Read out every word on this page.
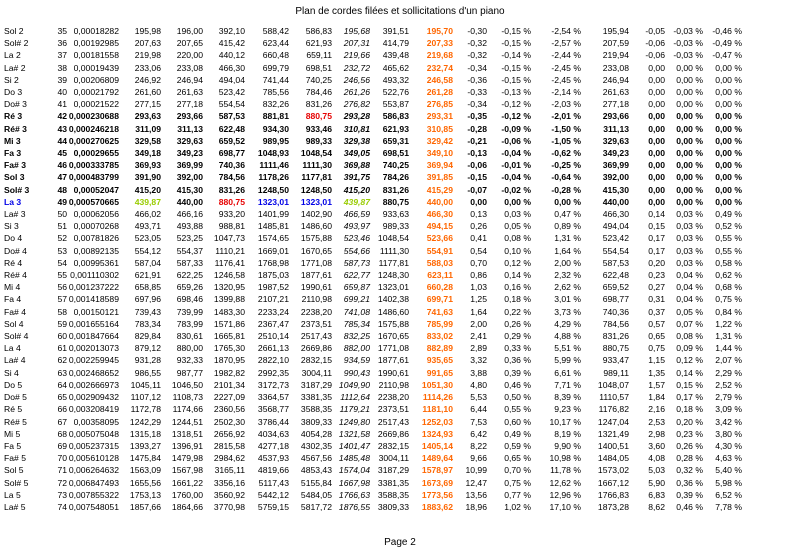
Plan de cordes filées et sollicitations d'un piano
Sol 2	35	0,00018282	195,98	196,00	392,10	588,42	586,83	195,68	391,51	195,70	-0,30	-0,15 %	-2,54 %	195,94	-0,05	-0,03 %	-0,46 %
Sol# 2	36	0,00192985	207,63	207,65	415,42	623,44	621,93	207,31	414,79	207,33	-0,32	-0,15 %	-2,57 %	207,59	-0,06	-0,03 %	-0,49 %
La 2	37	0,00181558	219,98	220,00	440,12	660,48	659,11	219,66	439,48	219,68	-0,32	-0,14 %	-2,44 %	219,94	-0,06	-0,03 %	-0,47 %
La# 2	38	0,00019439	233,06	233,08	466,30	699,79	698,51	232,72	465,62	232,74	-0,34	-0,15 %	-2,45 %	233,08	0,00	0,00 %	0,00 %
Si 2	39	0,00206809	246,92	246,94	494,04	741,44	740,25	246,56	493,32	246,58	-0,36	-0,15 %	-2,45 %	246,94	0,00	0,00 %	0,00 %
Do 3	40	0,00021792	261,60	261,63	523,42	785,56	784,46	261,26	522,76	261,28	-0,33	-0,13 %	-2,14 %	261,63	0,00	0,00 %	0,00 %
Do# 3	41	0,00021522	277,15	277,18	554,54	832,26	831,26	276,82	553,87	276,85	-0,34	-0,12 %	-2,03 %	277,18	0,00	0,00 %	0,00 %
Ré 3	42	0,000230688	293,63	293,66	587,53	881,81	880,75	293,28	586,83	293,31	-0,35	-0,12 %	-2,01 %	293,66	0,00	0,00 %	0,00 %
Ré# 3	43	0,000246218	311,09	311,13	622,48	934,30	933,46	310,81	621,93	310,85	-0,28	-0,09 %	-1,50 %	311,13	0,00	0,00 %	0,00 %
Mi 3	44	0,000270625	329,58	329,63	659,52	989,95	989,33	329,38	659,31	329,42	-0,21	-0,06 %	-1,05 %	329,63	0,00	0,00 %	0,00 %
Fa 3	45	0,00029655	349,18	349,23	698,77	1048,93	1048,54	349,05	698,51	349,10	-0,13	-0,04 %	-0,62 %	349,23	0,00	0,00 %	0,00 %
Fa# 3	46	0,000333785	369,93	369,99	740,36	1111,46	1111,30	369,88	740,25	369,94	-0,06	-0,01 %	-0,25 %	369,99	0,00	0,00 %	0,00 %
Sol 3	47	0,000483799	391,90	392,00	784,56	1178,26	1177,81	391,75	784,26	391,85	-0,15	-0,04 %	-0,64 %	392,00	0,00	0,00 %	0,00 %
Sol# 3	48	0,00052047	415,20	415,30	831,26	1248,50	1248,50	415,20	831,26	415,29	-0,07	-0,02 %	-0,28 %	415,30	0,00	0,00 %	0,00 %
La 3	49	0,000570665	439,87	440,00	880,75	1323,01	1323,01	439,87	880,75	440,00	0,00	0,00 %	0,00 %	440,00	0,00	0,00 %	0,00 %
La# 3	50	0,00062056	466,02	466,16	933,20	1401,99	1402,90	466,59	933,63	466,30	0,13	0,03 %	0,47 %	466,30	0,14	0,03 %	0,49 %
Si 3	51	0,00070268	493,71	493,88	988,81	1485,81	1486,60	493,97	989,33	494,15	0,26	0,05 %	0,89 %	494,04	0,15	0,03 %	0,52 %
Do 4	52	0,00781826	523,05	523,25	1047,73	1574,65	1575,88	523,46	1048,54	523,66	0,41	0,08 %	1,31 %	523,42	0,17	0,03 %	0,55 %
Do# 4	53	0,00892135	554,12	554,37	1110,21	1669,01	1670,65	554,66	1111,30	554,91	0,54	0,10 %	1,64 %	554,54	0,17	0,03 %	0,55 %
Ré 4	54	0,00995361	587,04	587,33	1176,41	1768,98	1771,08	587,73	1177,81	588,03	0,70	0,12 %	2,00 %	587,53	0,20	0,03 %	0,58 %
Ré# 4	55	0,001110302	621,91	622,25	1246,58	1875,03	1877,61	622,77	1248,30	623,11	0,86	0,14 %	2,32 %	622,48	0,23	0,04 %	0,62 %
Mi 4	56	0,001237222	658,85	659,26	1320,95	1987,52	1990,61	659,87	1323,01	660,28	1,03	0,16 %	2,62 %	659,52	0,27	0,04 %	0,68 %
Fa 4	57	0,001418589	697,96	698,46	1399,88	2107,21	2110,98	699,21	1402,38	699,71	1,25	0,18 %	3,01 %	698,77	0,31	0,04 %	0,75 %
Fa# 4	58	0,00150121	739,43	739,99	1483,30	2233,24	2238,20	741,08	1486,60	741,63	1,64	0,22 %	3,73 %	740,36	0,37	0,05 %	0,84 %
Sol 4	59	0,001655164	783,34	783,99	1571,86	2367,47	2373,51	785,34	1575,88	785,99	2,00	0,26 %	4,29 %	784,56	0,57	0,07 %	1,22 %
Sol# 4	60	0,001847664	829,84	830,61	1665,81	2510,14	2517,43	832,25	1670,65	833,02	2,41	0,29 %	4,88 %	831,26	0,65	0,08 %	1,31 %
La 4	61	0,002013073	879,12	880,00	1765,30	2661,13	2669,86	882,00	1771,08	882,89	2,89	0,33 %	5,51 %	880,75	0,75	0,09 %	1,44 %
La# 4	62	0,002259945	931,28	932,33	1870,95	2822,10	2832,15	934,59	1877,61	935,65	3,32	0,36 %	5,99 %	933,47	1,15	0,12 %	2,07 %
Si 4	63	0,002468652	986,55	987,77	1982,82	2992,35	3004,11	990,43	1990,61	991,65	3,88	0,39 %	6,61 %	989,11	1,35	0,14 %	2,29 %
Do 5	64	0,002666973	1045,11	1046,50	2101,34	3172,73	3187,29	1049,90	2110,98	1051,30	4,80	0,46 %	7,71 %	1048,07	1,57	0,15 %	2,52 %
Do# 5	65	0,002909432	1107,12	1108,73	2227,09	3364,57	3381,35	1112,64	2238,20	1114,26	5,53	0,50 %	8,39 %	1110,57	1,84	0,17 %	2,79 %
Ré 5	66	0,003208419	1172,78	1174,66	2360,56	3568,77	3588,35	1179,21	2373,51	1181,10	6,44	0,55 %	9,23 %	1176,82	2,16	0,18 %	3,09 %
Ré# 5	67	0,00358095	1242,29	1244,51	2502,30	3786,44	3809,33	1249,80	2517,43	1252,03	7,53	0,60 %	10,17 %	1247,04	2,53	0,20 %	3,42 %
Mi 5	68	0,005075048	1315,18	1318,51	2656,92	4034,63	4054,28	1321,58	2669,86	1324,93	6,42	0,49 %	8,19 %	1321,49	2,98	0,23 %	3,80 %
Fa 5	69	0,005237315	1393,27	1396,91	2815,58	4277,18	4302,35	1401,47	2832,15	1405,14	8,22	0,59 %	9,90 %	1400,51	3,60	0,26 %	4,30 %
Fa# 5	70	0,005610128	1475,84	1479,98	2984,62	4537,93	4567,56	1485,48	3004,11	1489,64	9,66	0,65 %	10,98 %	1484,05	4,08	0,28 %	4,63 %
Sol 5	71	0,006264632	1563,09	1567,98	3165,11	4819,66	4853,43	1574,04	3187,29	1578,97	10,99	0,70 %	11,78 %	1573,02	5,03	0,32 %	5,40 %
Sol# 5	72	0,006847493	1655,56	1661,22	3356,16	5117,43	5155,84	1667,98	3381,35	1673,69	12,47	0,75 %	12,62 %	1667,12	5,90	0,36 %	5,98 %
La 5	73	0,007855322	1753,13	1760,00	3560,92	5442,12	5484,05	1766,63	3588,35	1773,56	13,56	0,77 %	12,96 %	1766,83	6,83	0,39 %	6,52 %
La# 5	74	0,007548051	1857,66	1864,66	3770,98	5759,15	5817,72	1876,55	3809,33	1883,62	18,96	1,02 %	17,10 %	1873,28	8,62	0,46 %	7,78 %
Page 2
